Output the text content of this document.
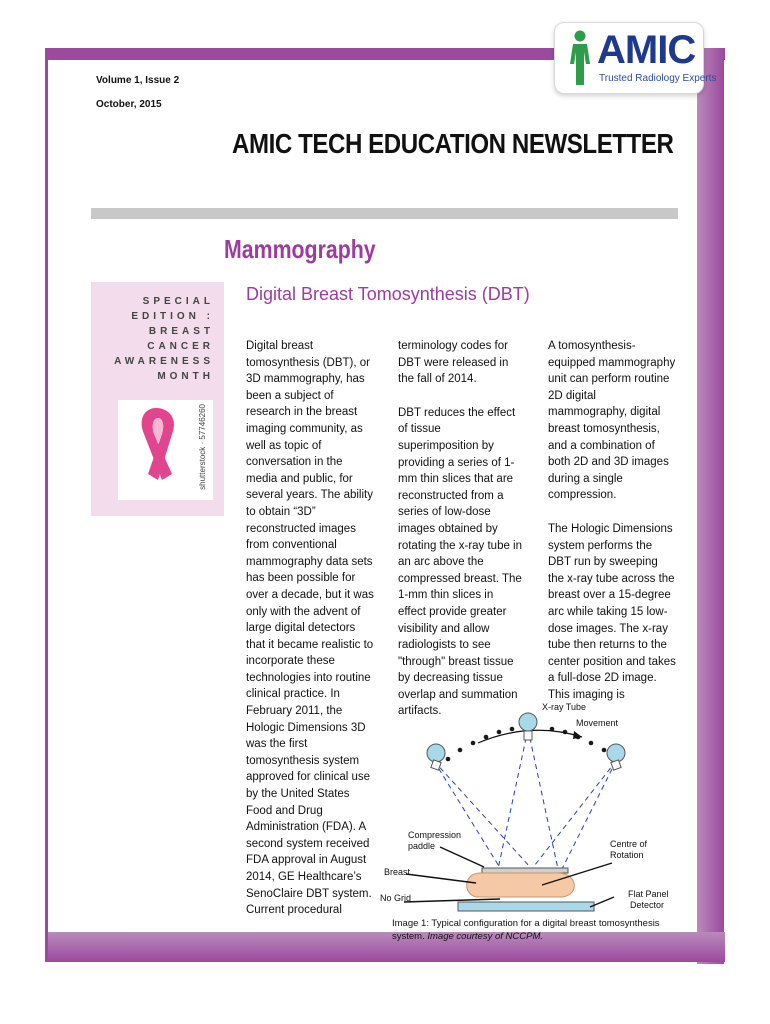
AMIC
Trusted Radiology Experts
Volume 1, Issue 2
October, 2015
AMIC TECH EDUCATION NEWSLETTER
Mammography
SPECIAL
EDITION :
BREAST
CANCER
AWARENESS
MONTH
shutterstock · 57746260
Digital Breast Tomosynthesis (DBT)

Digital breast tomosynthesis (DBT), or 3D mammography, has been a subject of research in the breast imaging community, as well as topic of conversation in the media and public, for several years. The ability to obtain “3D” reconstructed images from conventional mammography data sets has been possible for over a decade, but it was only with the advent of large digital detectors that it became realistic to incorporate these technologies into routine clinical practice. In February 2011, the Hologic Dimensions 3D was the first tomosynthesis system approved for clinical use by the United States Food and Drug Administration (FDA). A second system received FDA approval in August 2014, GE Healthcare’s SenoClaire DBT system. Current procedural

terminology codes for DBT were released in the fall of 2014.

DBT reduces the effect of tissue superimposition by providing a series of 1-mm thin slices that are reconstructed from a series of low-dose images obtained by rotating the x-ray tube in an arc above the compressed breast. The 1-mm thin slices in effect provide greater visibility and allow radiologists to see "through" breast tissue by decreasing tissue overlap and summation artifacts.

A tomosynthesis-equipped mammography unit can perform routine 2D digital mammography, digital breast tomosynthesis, and a combination of both 2D and 3D images during a single compression.

The Hologic Dimensions system performs the DBT run by sweeping the x-ray tube across the breast over a 15-degree arc while taking 15 low-dose images. The x-ray tube then returns to the center position and takes a full-dose 2D image. This imaging is

X-ray Tube
Movement
Compression
paddle	Centre of
Rotation
Breast
No Grid	Flat Panel
Detector
Image 1: Typical configuration for a digital breast tomosynthesis system. Image courtesy of NCCPM.
